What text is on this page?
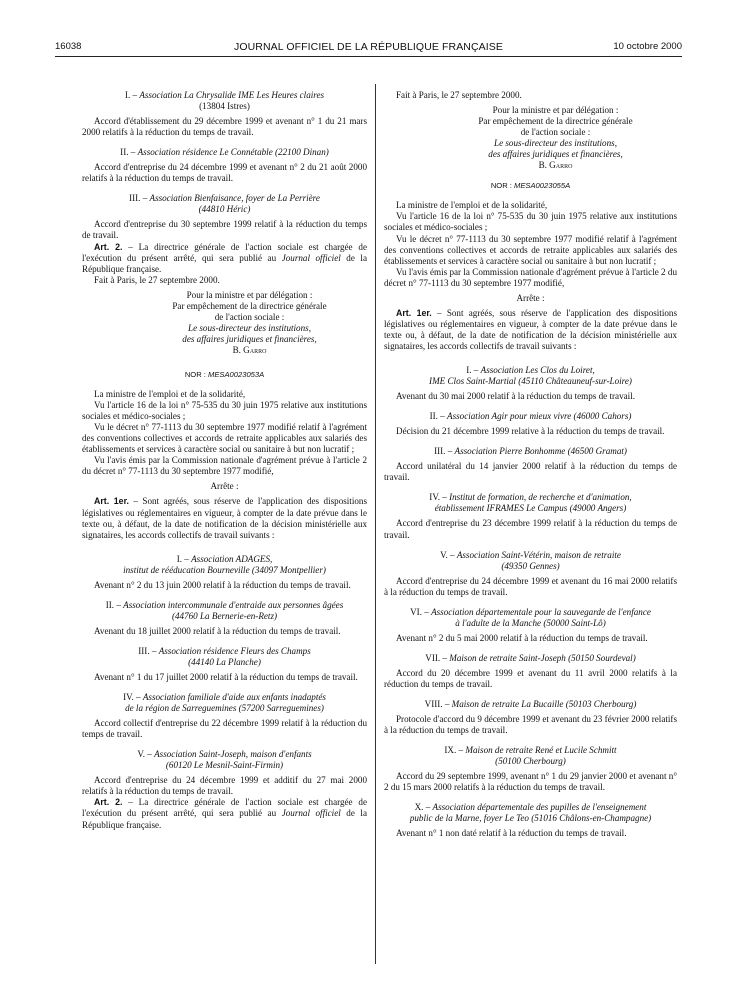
16038	JOURNAL OFFICIEL DE LA RÉPUBLIQUE FRANÇAISE	10 octobre 2000

I. – Association La Chrysalide IME Les Heures claires

(13804 Istres)

Accord d'établissement du 29 décembre 1999 et avenant n° 1 du 21 mars 2000 relatifs à la réduction du temps de travail.

II. – Association résidence Le Connétable (22100 Dinan)

Accord d'entreprise du 24 décembre 1999 et avenant n° 2 du 21 août 2000 relatifs à la réduction du temps de travail.

III. – Association Bienfaisance, foyer de La Perrière

(44810 Héric)

Accord d'entreprise du 30 septembre 1999 relatif à la réduction du temps de travail.

Art. 2. – La directrice générale de l'action sociale est chargée de l'exécution du présent arrêté, qui sera publié au Journal officiel de la République française.

Fait à Paris, le 27 septembre 2000.

Pour la ministre et par délégation :

Par empêchement de la directrice générale

de l'action sociale :

Le sous-directeur des institutions,

des affaires juridiques et financières,

B. Garro

NOR : MESA0023053A

La ministre de l'emploi et de la solidarité,

Vu l'article 16 de la loi n° 75-535 du 30 juin 1975 relative aux institutions sociales et médico-sociales ;

Vu le décret n° 77-1113 du 30 septembre 1977 modifié relatif à l'agrément des conventions collectives et accords de retraite applicables aux salariés des établissements et services à caractère social ou sanitaire à but non lucratif ;

Vu l'avis émis par la Commission nationale d'agrément prévue à l'article 2 du décret n° 77-1113 du 30 septembre 1977 modifié,

Arrête :

Art. 1er. – Sont agréés, sous réserve de l'application des dispositions législatives ou réglementaires en vigueur, à compter de la date prévue dans le texte ou, à défaut, de la date de notification de la décision ministérielle aux signataires, les accords collectifs de travail suivants :

I. – Association ADAGES,

institut de rééducation Bourneville (34097 Montpellier)

Avenant n° 2 du 13 juin 2000 relatif à la réduction du temps de travail.

II. – Association intercommunale d'entraide aux personnes âgées

(44760 La Bernerie-en-Retz)

Avenant du 18 juillet 2000 relatif à la réduction du temps de travail.

III. – Association résidence Fleurs des Champs

(44140 La Planche)

Avenant n° 1 du 17 juillet 2000 relatif à la réduction du temps de travail.

IV. – Association familiale d'aide aux enfants inadaptés

de la région de Sarreguemines (57200 Sarreguemines)

Accord collectif d'entreprise du 22 décembre 1999 relatif à la réduction du temps de travail.

V. – Association Saint-Joseph, maison d'enfants

(60120 Le Mesnil-Saint-Firmin)

Accord d'entreprise du 24 décembre 1999 et additif du 27 mai 2000 relatifs à la réduction du temps de travail.

Art. 2. – La directrice générale de l'action sociale est chargée de l'exécution du présent arrêté, qui sera publié au Journal officiel de la République française.

Fait à Paris, le 27 septembre 2000.

Pour la ministre et par délégation :

Par empêchement de la directrice générale

de l'action sociale :

Le sous-directeur des institutions,

des affaires juridiques et financières,

B. Garro

NOR : MESA0023055A

La ministre de l'emploi et de la solidarité,

Vu l'article 16 de la loi n° 75-535 du 30 juin 1975 relative aux institutions sociales et médico-sociales ;

Vu le décret n° 77-1113 du 30 septembre 1977 modifié relatif à l'agrément des conventions collectives et accords de retraite applicables aux salariés des établissements et services à caractère social ou sanitaire à but non lucratif ;

Vu l'avis émis par la Commission nationale d'agrément prévue à l'article 2 du décret n° 77-1113 du 30 septembre 1977 modifié,

Arrête :

Art. 1er. – Sont agréés, sous réserve de l'application des dispositions législatives ou réglementaires en vigueur, à compter de la date prévue dans le texte ou, à défaut, de la date de notification de la décision ministérielle aux signataires, les accords collectifs de travail suivants :

I. – Association Les Clos du Loiret,

IME Clos Saint-Martial (45110 Châteauneuf-sur-Loire)

Avenant du 30 mai 2000 relatif à la réduction du temps de travail.

II. – Association Agir pour mieux vivre (46000 Cahors)

Décision du 21 décembre 1999 relative à la réduction du temps de travail.

III. – Association Pierre Bonhomme (46500 Gramat)

Accord unilatéral du 14 janvier 2000 relatif à la réduction du temps de travail.

IV. – Institut de formation, de recherche et d'animation,

établissement IFRAMES Le Campus (49000 Angers)

Accord d'entreprise du 23 décembre 1999 relatif à la réduction du temps de travail.

V. – Association Saint-Vétérin, maison de retraite

(49350 Gennes)

Accord d'entreprise du 24 décembre 1999 et avenant du 16 mai 2000 relatifs à la réduction du temps de travail.

VI. – Association départementale pour la sauvegarde de l'enfance

à l'adulte de la Manche (50000 Saint-Lô)

Avenant n° 2 du 5 mai 2000 relatif à la réduction du temps de travail.

VII. – Maison de retraite Saint-Joseph (50150 Sourdeval)

Accord du 20 décembre 1999 et avenant du 11 avril 2000 relatifs à la réduction du temps de travail.

VIII. – Maison de retraite La Bucaille (50103 Cherbourg)

Protocole d'accord du 9 décembre 1999 et avenant du 23 février 2000 relatifs à la réduction du temps de travail.

IX. – Maison de retraite René et Lucile Schmitt

(50100 Cherbourg)

Accord du 29 septembre 1999, avenant n° 1 du 29 janvier 2000 et avenant n° 2 du 15 mars 2000 relatifs à la réduction du temps de travail.

X. – Association départementale des pupilles de l'enseignement

public de la Marne, foyer Le Teo (51016 Châlons-en-Champagne)

Avenant n° 1 non daté relatif à la réduction du temps de travail.
